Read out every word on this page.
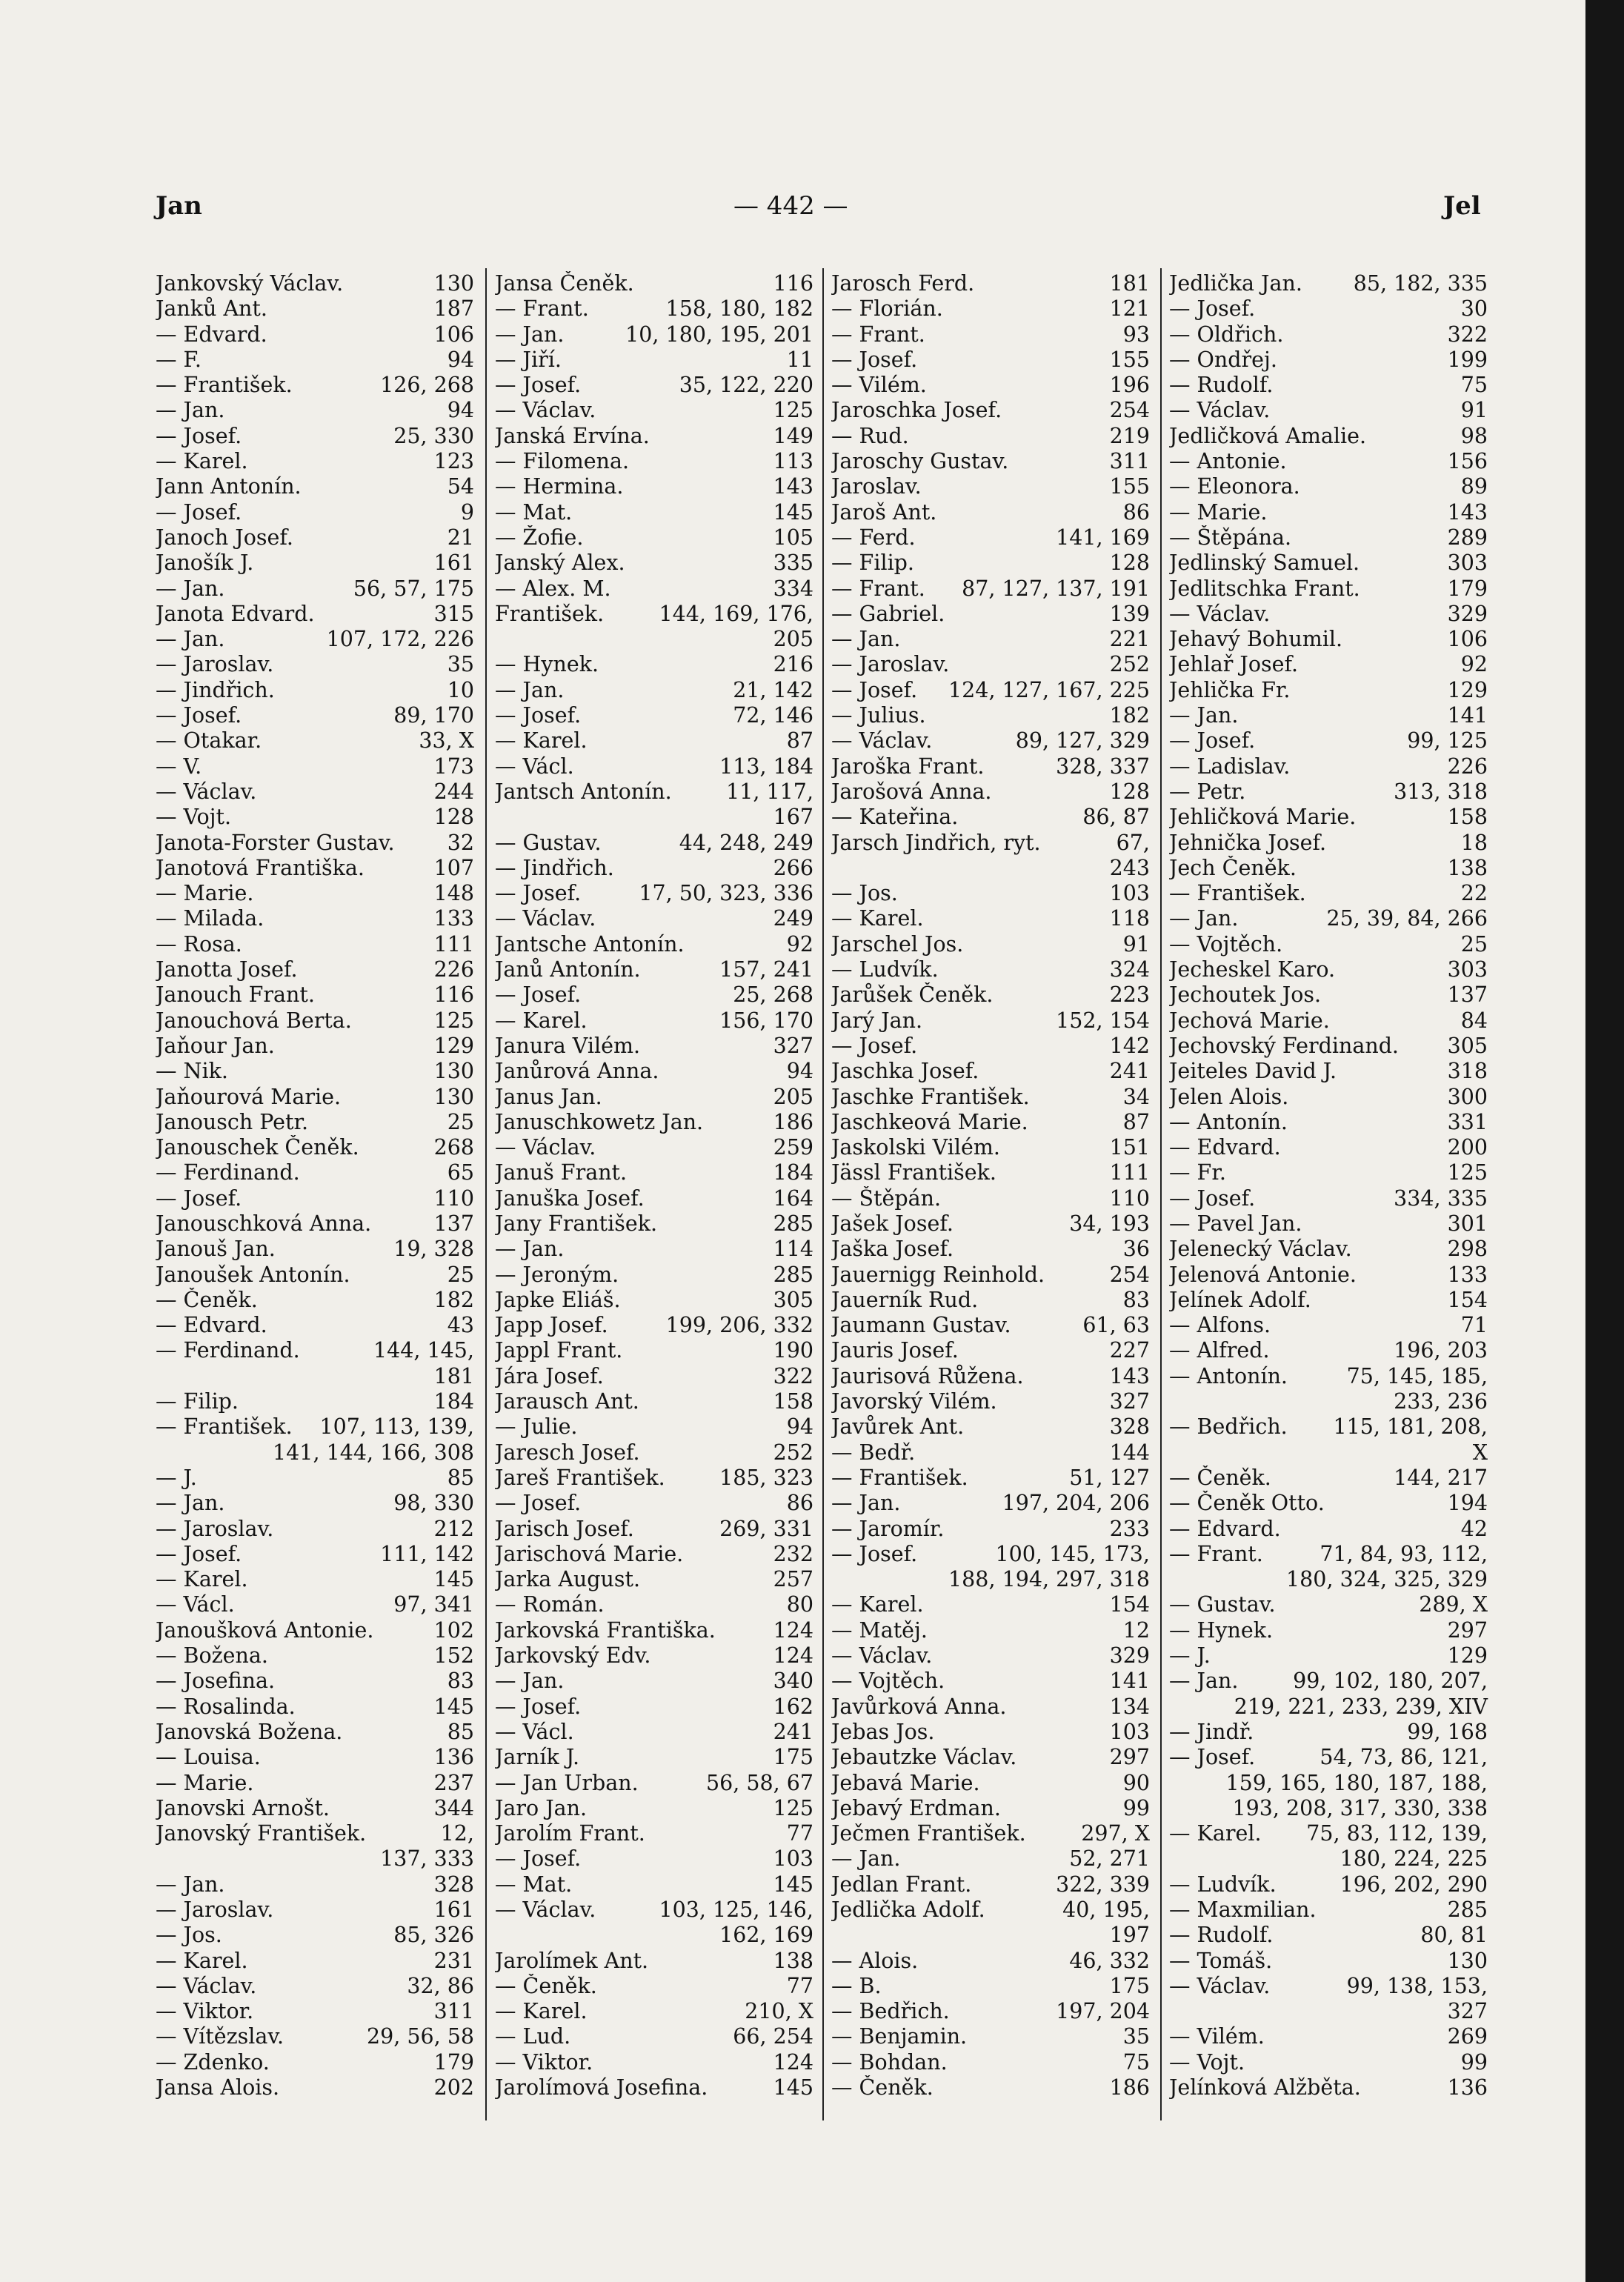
Jan	— 442 —	Jel
Jankovský Václav.	130
Janků Ant.	187
— Edvard.	106
— F.	94
— František.	126, 268
— Jan.	94
— Josef.	25, 330
— Karel.	123
Jann Antonín.	54
— Josef.	9
Janoch Josef.	21
Janošík J.	161
— Jan.	56, 57, 175
Janota Edvard.	315
— Jan.	107, 172, 226
— Jaroslav.	35
— Jindřich.	10
— Josef.	89, 170
— Otakar.	33, X
— V.	173
— Václav.	244
— Vojt.	128
Janota-Forster Gustav. 32
Janotová Františka.	107
— Marie.	148
— Milada.	133
— Rosa.	111
Janotta Josef.	226
Janouch Frant.	116
Janouchová Berta.	125
Jaňour Jan.	129
— Nik.	130
Jaňourová Marie.	130
Janousch Petr.	25
Janouschek Čeněk.	268
— Ferdinand.	65
— Josef.	110
Janouschková Anna.	137
Janouš Jan.	19, 328
Janoušek Antonín.	25
— Čeněk.	182
— Edvard.	43
— Ferdinand.	144, 145,
181
— Filip.	184
— František. 107, 113, 139,
141, 144, 166, 308
— J.	85
— Jan.	98, 330
— Jaroslav.	212
— Josef.	111, 142
— Karel.	145
— Václ.	97, 341
Janoušková Antonie.	102
— Božena.	152
— Josefina.	83
— Rosalinda.	145
Janovská Božena.	85
— Louisa.	136
— Marie.	237
Janovski Arnošt.	344
Janovský František.	12,
137, 333
— Jan.	328
— Jaroslav.	161
— Jos.	85, 326
— Karel.	231
— Václav.	32, 86
— Viktor.	311
— Vítězslav.	29, 56, 58
— Zdenko.	179
Jansa Alois.	202
Jansa Čeněk.	116
— Frant.	158, 180, 182
— Jan.	10, 180, 195, 201
— Jiří.	11
— Josef.	35, 122, 220
— Václav.	125
Janská Ervína.	149
— Filomena.	113
— Hermina.	143
— Mat.	145
— Žofie.	105
Janský Alex.	335
— Alex. M.	334
František.	144, 169, 176,
205
— Hynek.	216
— Jan.	21, 142
— Josef.	72, 146
— Karel.	87
— Václ.	113, 184
Jantsch Antonín.	11, 117,
167
— Gustav.	44, 248, 249
— Jindřich.	266
— Josef.	17, 50, 323, 336
— Václav.	249
Jantsche Antonín.	92
Janů Antonín.	157, 241
— Josef.	25, 268
— Karel.	156, 170
Janura Vilém.	327
Janůrová Anna.	94
Janus Jan.	205
Januschkowetz Jan.	186
— Václav.	259
Januš Frant.	184
Januška Josef.	164
Jany František.	285
— Jan.	114
— Jeroným.	285
Japke Eliáš.	305
Japp Josef.	199, 206, 332
Jappl Frant.	190
Jára Josef.	322
Jarausch Ant.	158
— Julie.	94
Jaresch Josef.	252
Jareš František.	185, 323
— Josef.	86
Jarisch Josef.	269, 331
Jarischová Marie.	232
Jarka August.	257
— Román.	80
Jarkovská Františka.	124
Jarkovský Edv.	124
— Jan.	340
— Josef.	162
— Václ.	241
Jarník J.	175
— Jan Urban.	56, 58, 67
Jaro Jan.	125
Jarolím Frant.	77
— Josef.	103
— Mat.	145
— Václav.	103, 125, 146,
162, 169
Jarolímek Ant.	138
— Čeněk.	77
— Karel.	210, X
— Lud.	66, 254
— Viktor.	124
Jarolímová Josefina.	145
Jarosch Ferd.	181
— Florián.	121
— Frant.	93
— Josef.	155
— Vilém.	196
Jaroschka Josef.	254
— Rud.	219
Jaroschy Gustav.	311
Jaroslav.	155
Jaroš Ant.	86
— Ferd.	141, 169
— Filip.	128
— Frant. 87, 127, 137, 191
— Gabriel.	139
— Jan.	221
— Jaroslav.	252
— Josef. 124, 127, 167, 225
— Julius.	182
— Václav.	89, 127, 329
Jaroška Frant.	328, 337
Jarošová Anna.	128
— Kateřina.	86, 87
Jarsch Jindřich, ryt.	67,
243
— Jos.	103
— Karel.	118
Jarschel Jos.	91
— Ludvík.	324
Jarůšek Čeněk.	223
Jarý Jan.	152, 154
— Josef.	142
Jaschka Josef.	241
Jaschke František.	34
Jaschkeová Marie.	87
Jaskolski Vilém.	151
Jässl František.	111
— Štěpán.	110
Jašek Josef.	34, 193
Jaška Josef.	36
Jauernigg Reinhold.	254
Jauerník Rud.	83
Jaumann Gustav.	61, 63
Jauris Josef.	227
Jaurisová Růžena.	143
Javorský Vilém.	327
Javůrek Ant.	328
— Bedř.	144
— František.	51, 127
— Jan.	197, 204, 206
— Jaromír.	233
— Josef.	100, 145, 173,
188, 194, 297, 318
— Karel.	154
— Matěj.	12
— Václav.	329
— Vojtěch.	141
Javůrková Anna.	134
Jebas Jos.	103
Jebautzke Václav.	297
Jebavá Marie.	90
Jebavý Erdman.	99
Ječmen František.	297, X
— Jan.	52, 271
Jedlan Frant.	322, 339
Jedlička Adolf.	40, 195,
197
— Alois.	46, 332
— B.	175
— Bedřich.	197, 204
— Benjamin.	35
— Bohdan.	75
— Čeněk.	186
Jedlička Jan. 85, 182, 335
— Josef.	30
— Oldřich.	322
— Ondřej.	199
— Rudolf.	75
— Václav.	91
Jedličková Amalie.	98
— Antonie.	156
— Eleonora.	89
— Marie.	143
— Štěpána.	289
Jedlinský Samuel.	303
Jedlitschka Frant.	179
— Václav.	329
Jehavý Bohumil.	106
Jehlař Josef.	92
Jehlička Fr.	129
— Jan.	141
— Josef.	99, 125
— Ladislav.	226
— Petr.	313, 318
Jehličková Marie.	158
Jehnička Josef.	18
Jech Čeněk.	138
— František.	22
— Jan.	25, 39, 84, 266
— Vojtěch.	25
Jecheskel Karo.	303
Jechoutek Jos.	137
Jechová Marie.	84
Jechovský Ferdinand. 305
Jeiteles David J.	318
Jelen Alois.	300
— Antonín.	331
— Edvard.	200
— Fr.	125
— Josef.	334, 335
— Pavel Jan.	301
Jelenecký Václav.	298
Jelenová Antonie.	133
Jelínek Adolf.	154
— Alfons.	71
— Alfred.	196, 203
— Antonín.	75, 145, 185,
233, 236
— Bedřich. 115, 181, 208,
X
— Čeněk.	144, 217
— Čeněk Otto.	194
— Edvard.	42
— Frant.	71, 84, 93, 112,
180, 324, 325, 329
— Gustav.	289, X
— Hynek.	297
— J.	129
— Jan.	99, 102, 180, 207,
219, 221, 233, 239, XIV
— Jindř.	99, 168
— Josef.	54, 73, 86, 121,
159, 165, 180, 187, 188,
193, 208, 317, 330, 338
— Karel. 75, 83, 112, 139,
180, 224, 225
— Ludvík.	196, 202, 290
— Maxmilian.	285
— Rudolf.	80, 81
— Tomáš.	130
— Václav.	99, 138, 153,
327
— Vilém.	269
— Vojt.	99
Jelínková Alžběta.	136
